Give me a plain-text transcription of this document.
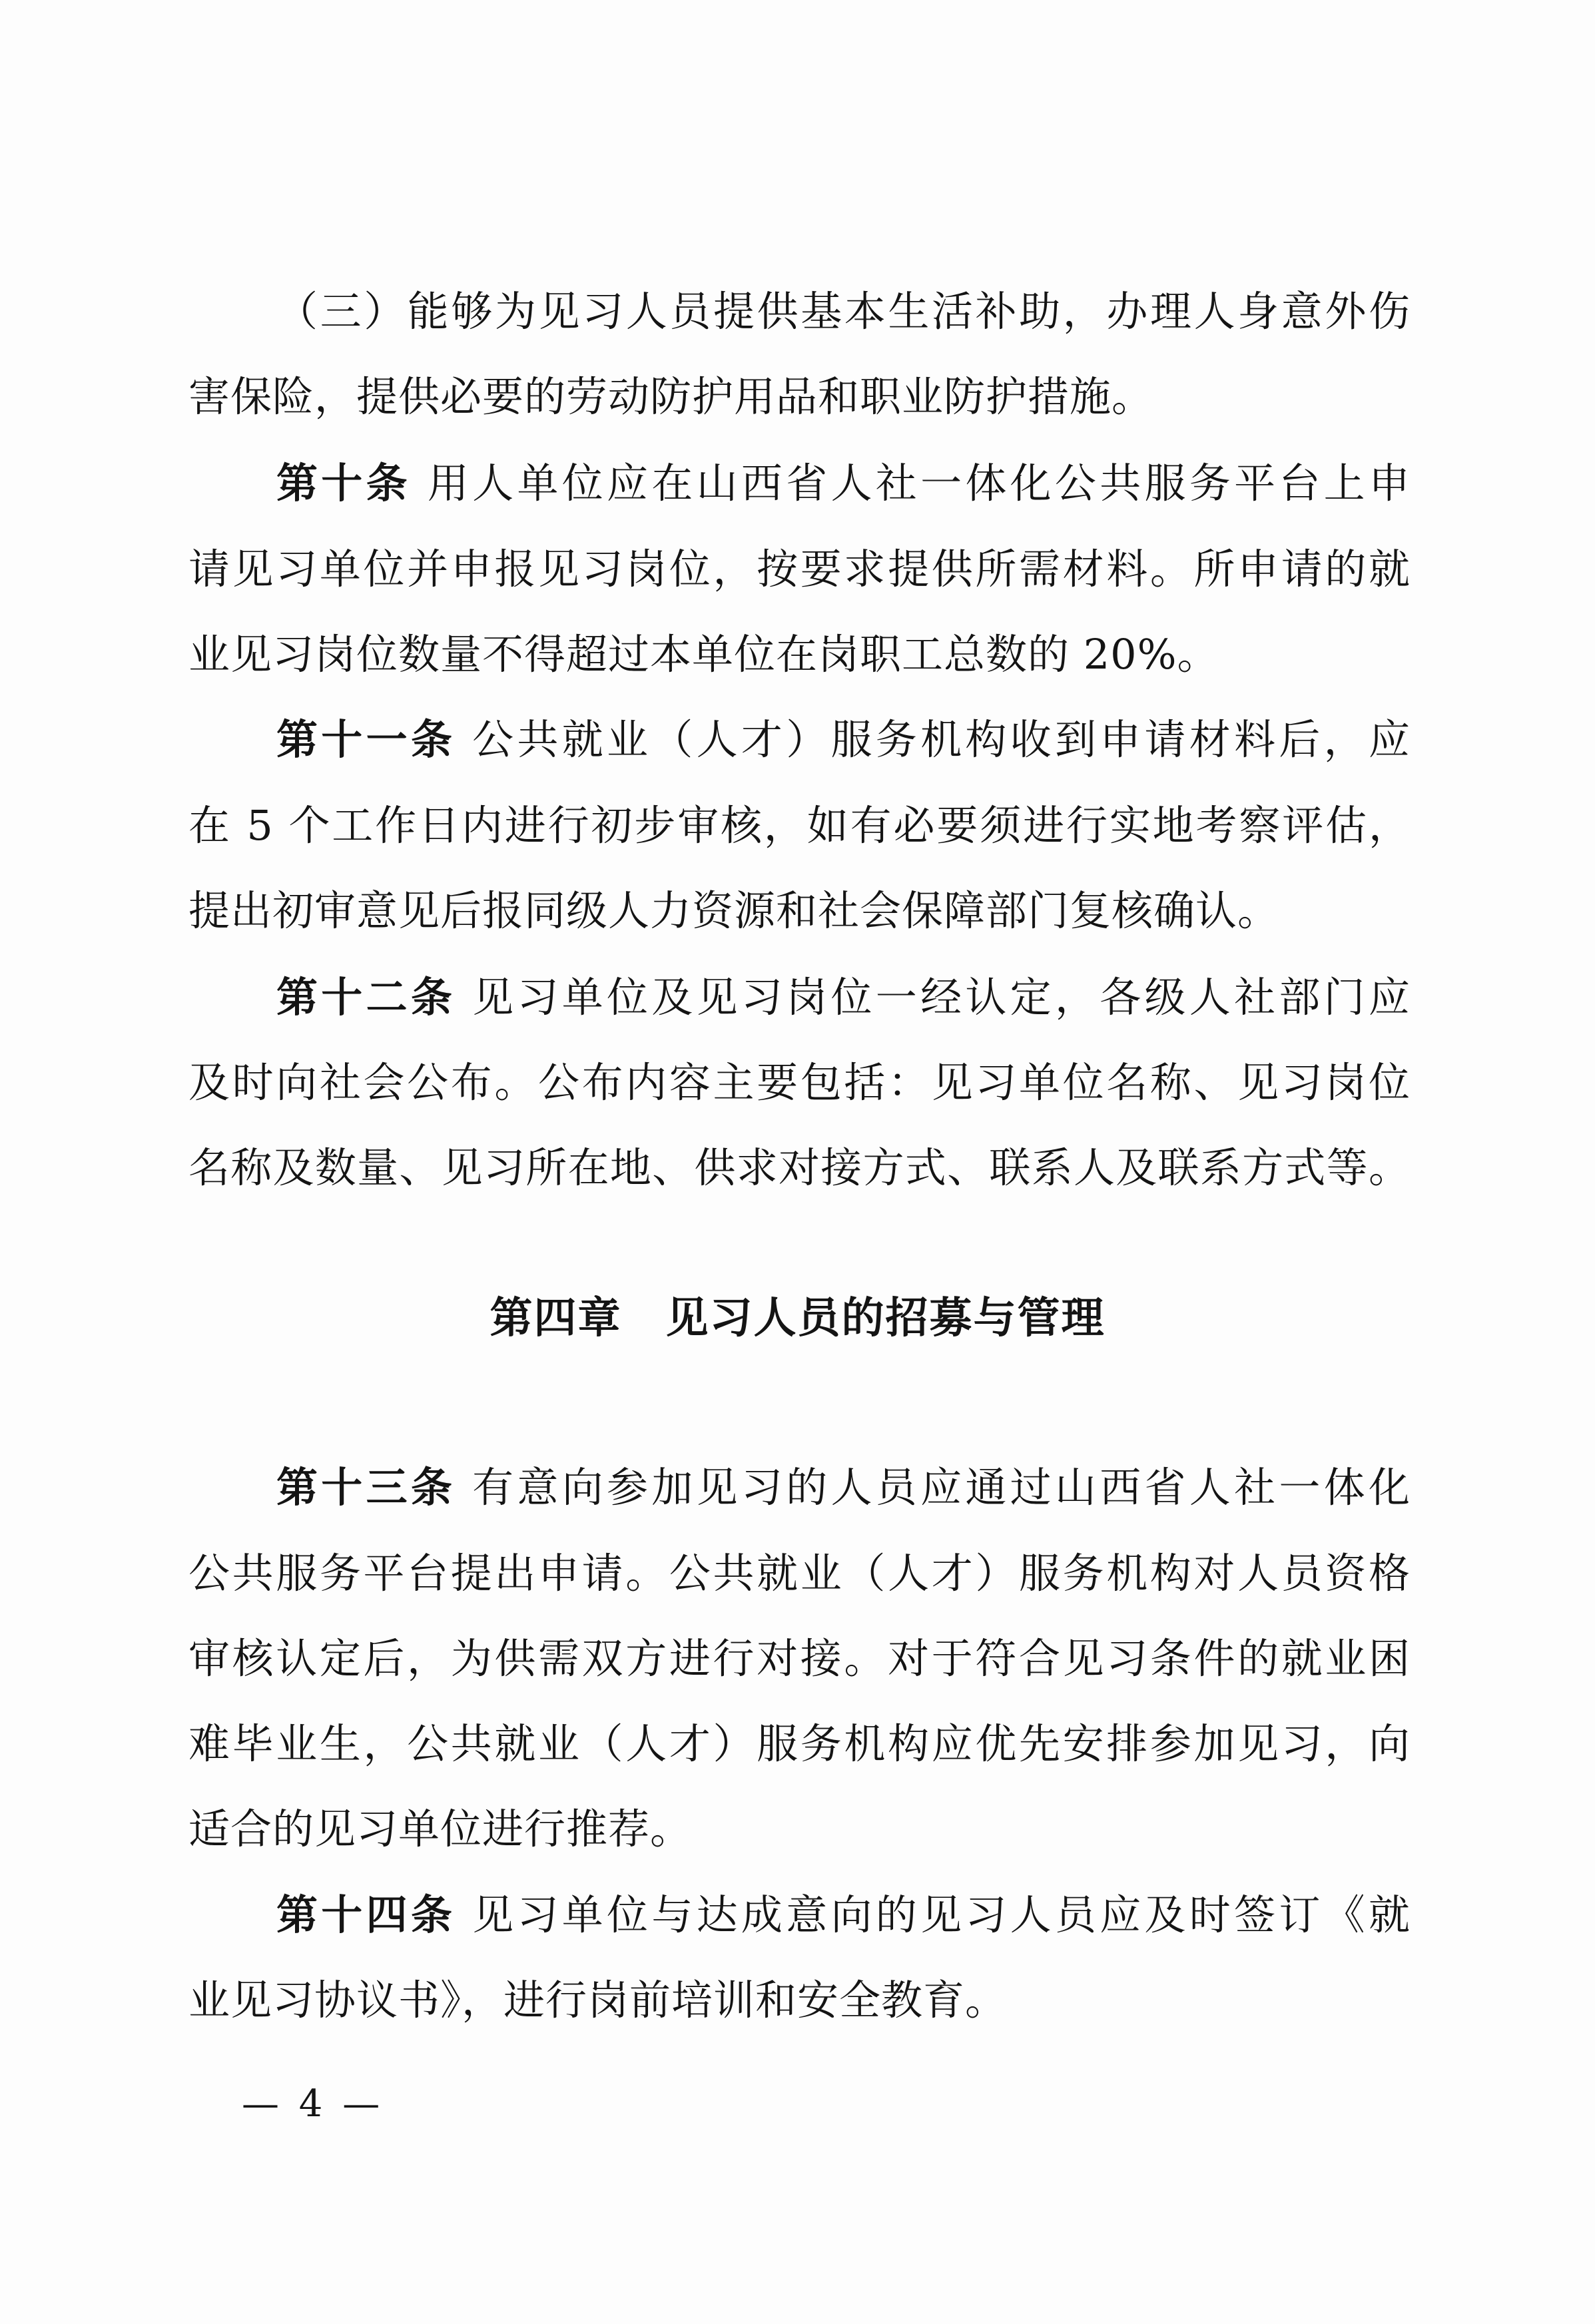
（三）能够为见习人员提供基本生活补助，办理人身意外伤
害保险，提供必要的劳动防护用品和职业防护措施。
第十条 用人单位应在山西省人社一体化公共服务平台上申
请见习单位并申报见习岗位，按要求提供所需材料。所申请的就
业见习岗位数量不得超过本单位在岗职工总数的 20%。
第十一条 公共就业（人才）服务机构收到申请材料后，应
在 5 个工作日内进行初步审核，如有必要须进行实地考察评估，
提出初审意见后报同级人力资源和社会保障部门复核确认。
第十二条 见习单位及见习岗位一经认定，各级人社部门应
及时向社会公布。公布内容主要包括：见习单位名称、见习岗位
名称及数量、见习所在地、供求对接方式、联系人及联系方式等。
第四章　见习人员的招募与管理
第十三条 有意向参加见习的人员应通过山西省人社一体化
公共服务平台提出申请。公共就业（人才）服务机构对人员资格
审核认定后，为供需双方进行对接。对于符合见习条件的就业困
难毕业生，公共就业（人才）服务机构应优先安排参加见习，向
适合的见习单位进行推荐。
第十四条 见习单位与达成意向的见习人员应及时签订《就
业见习协议书》，进行岗前培训和安全教育。
— 4 —
